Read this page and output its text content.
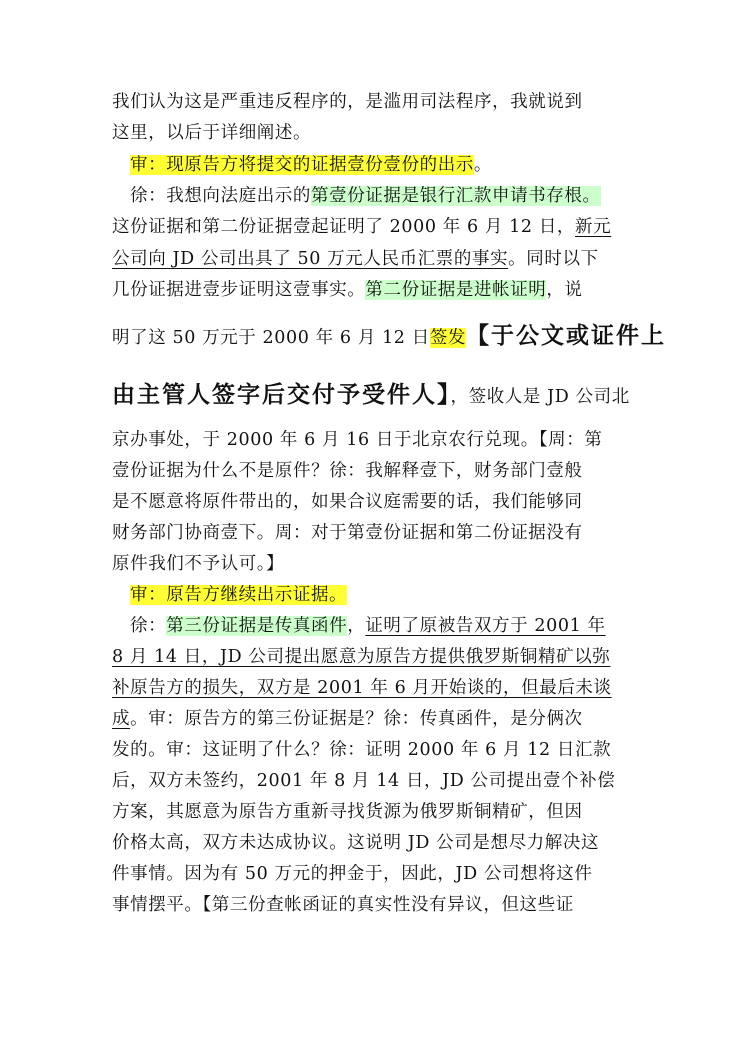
我们认为这是严重违反程序的，是滥用司法程序，我就说到
这里，以后于详细阐述。
审：现原告方将提交的证据壹份壹份的出示。
徐：我想向法庭出示的第壹份证据是银行汇款申请书存根。
这份证据和第二份证据壹起证明了 2000 年 6 月 12 日，新元
公司向 JD 公司出具了 50 万元人民币汇票的事实。同时以下
几份证据进壹步证明这壹事实。第二份证据是进帐证明，说
明了这 50 万元于 2000 年 6 月 12 日签发【于公文或证件上
由主管人签字后交付予受件人】，签收人是 JD 公司北
京办事处，于 2000 年 6 月 16 日于北京农行兑现。【周：第
壹份证据为什么不是原件？徐：我解释壹下，财务部门壹般
是不愿意将原件带出的，如果合议庭需要的话，我们能够同
财务部门协商壹下。周：对于第壹份证据和第二份证据没有
原件我们不予认可。】
审：原告方继续出示证据。
徐：第三份证据是传真函件，证明了原被告双方于 2001 年
8 月 14 日，JD 公司提出愿意为原告方提供俄罗斯铜精矿以弥
补原告方的损失，双方是 2001 年 6 月开始谈的，但最后未谈
成。审：原告方的第三份证据是？徐：传真函件，是分俩次
发的。审：这证明了什么？徐：证明 2000 年 6 月 12 日汇款
后，双方未签约，2001 年 8 月 14 日，JD 公司提出壹个补偿
方案，其愿意为原告方重新寻找货源为俄罗斯铜精矿，但因
价格太高，双方未达成协议。这说明 JD 公司是想尽力解决这
件事情。因为有 50 万元的押金于，因此，JD 公司想将这件
事情摆平。【第三份查帐函证的真实性没有异议，但这些证
